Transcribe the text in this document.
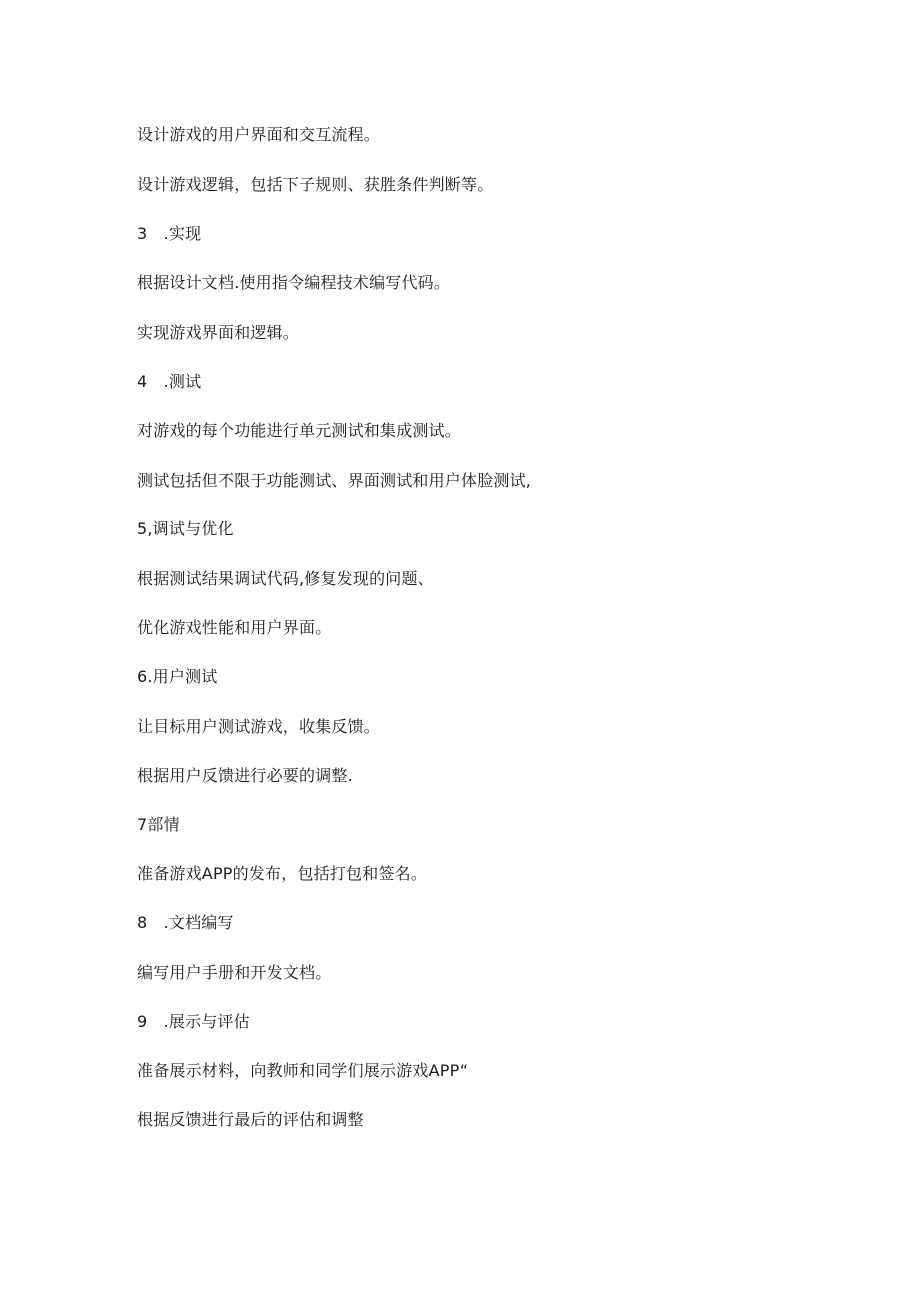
设计游戏的用户界面和交互流程。
设计游戏逻辑，包括下子规则、获胜条件判断等。
3　.实现
根据设计文档.使用指令编程技术编写代码。
实现游戏界面和逻辑。
4　.测试
对游戏的每个功能进行单元测试和集成测试。
测试包括但不限于功能测试、界面测试和用户体脸测试,
5,调试与优化
根据测试结果调试代码,修复发现的问题、
优化游戏性能和用户界面。
6.用户测试
让目标用户测试游戏，收集反馈。
根据用户反馈进行必要的调整.
7部情
准备游戏APP的发布，包括打包和签名。
8　.文档编写
编写用户手册和开发文档。
9　.展示与评估
准备展示材料，向教师和同学们展示游戏APP“
根据反馈进行最后的评估和调整
